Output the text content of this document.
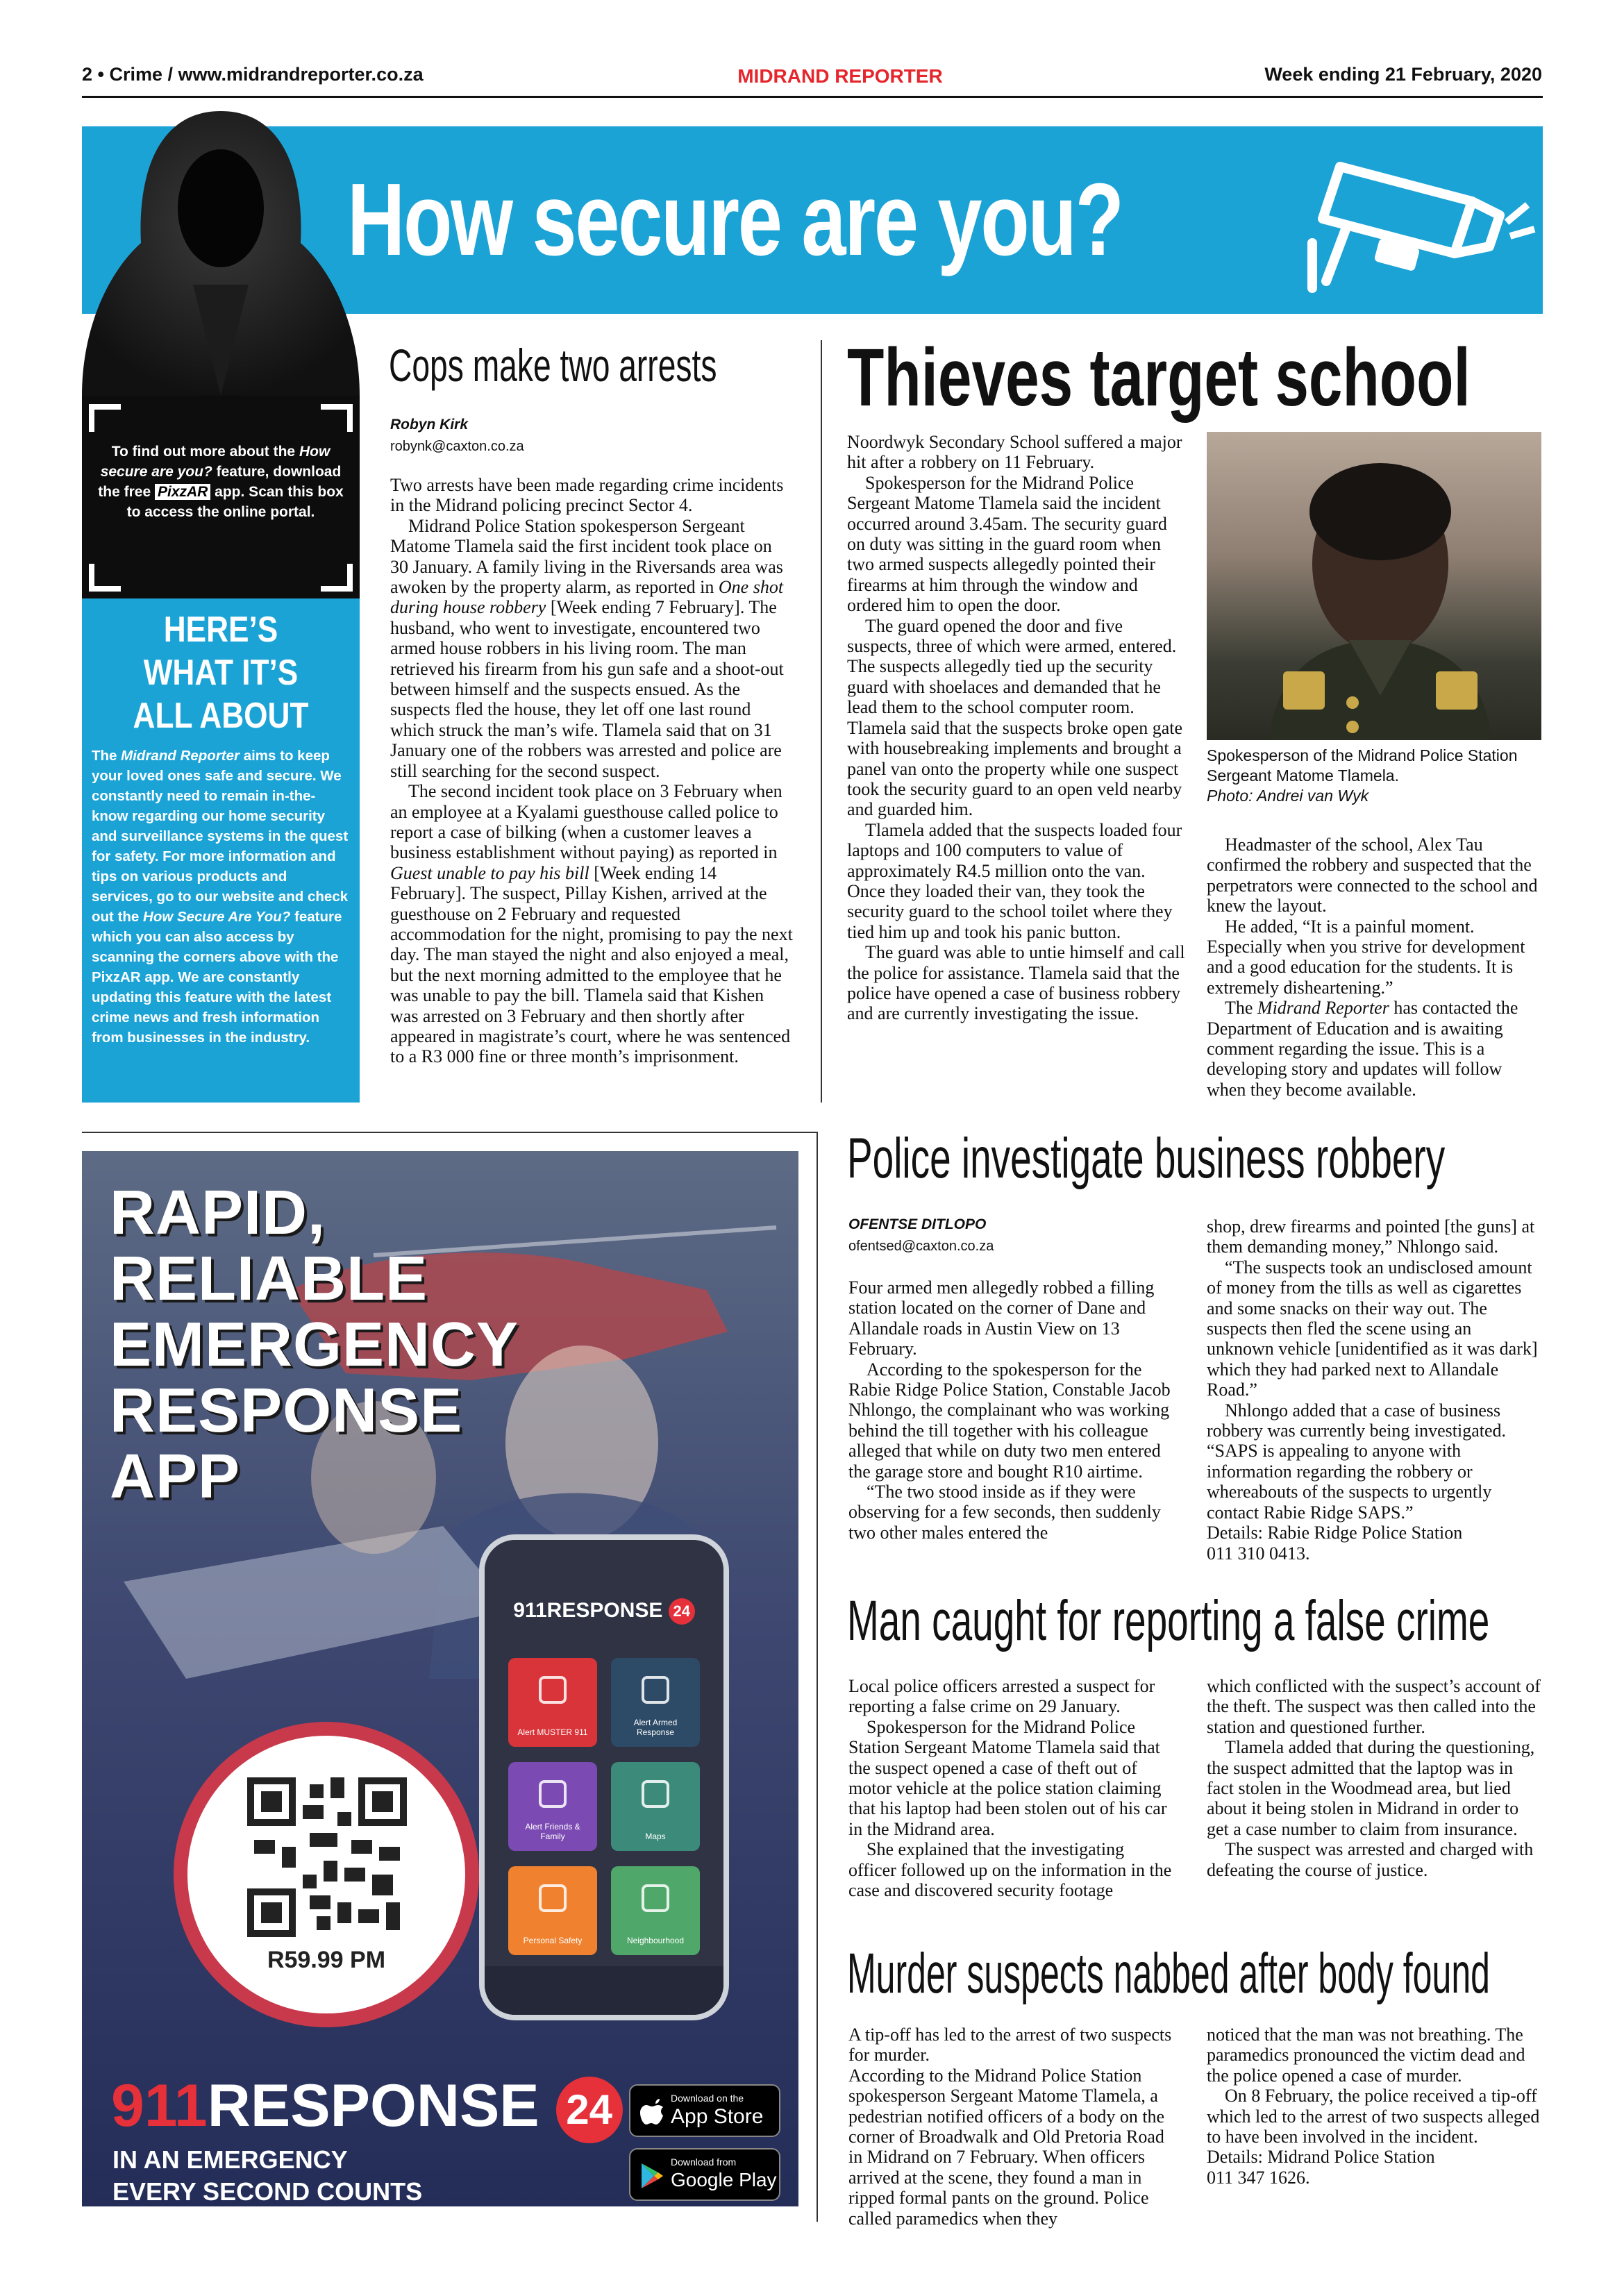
2 • Crime / www.midrandreporter.co.za	MIDRAND REPORTER	Week ending 21 February, 2020
How secure are you?
To find out more about the How secure are you? feature, download the free PixzAR app. Scan this box to access the online portal.
HERE’S
WHAT IT’S
ALL ABOUT
The Midrand Reporter aims to keep your loved ones safe and secure. We constantly need to remain in-the-know regarding our home security and surveillance systems in the quest for safety. For more information and tips on various products and services, go to our website and check out the How Secure Are You? feature which you can also access by scanning the corners above with the PixzAR app. We are constantly updating this feature with the latest crime news and fresh information from businesses in the industry.
Cops make two arrests
Robyn Kirk
robynk@caxton.co.za

Two arrests have been made regarding crime incidents in the Midrand policing precinct Sector 4.

Midrand Police Station spokesperson Sergeant Matome Tlamela said the first incident took place on 30 January. A family living in the Riversands area was awoken by the property alarm, as reported in One shot during house robbery [Week ending 7 February]. The husband, who went to investigate, encountered two armed house robbers in his living room. The man retrieved his firearm from his gun safe and a shoot-out between himself and the suspects ensued. As the suspects fled the house, they let off one last round which struck the man’s wife. Tlamela said that on 31 January one of the robbers was arrested and police are still searching for the second suspect.

The second incident took place on 3 February when an employee at a Kyalami guesthouse called police to report a case of bilking (when a customer leaves a business establishment without paying) as reported in Guest unable to pay his bill [Week ending 14 February]. The suspect, Pillay Kishen, arrived at the guesthouse on 2 February and requested accommodation for the night, promising to pay the next day. The man stayed the night and also enjoyed a meal, but the next morning admitted to the employee that he was unable to pay the bill. Tlamela said that Kishen was arrested on 3 February and then shortly after appeared in magistrate’s court, where he was sentenced to a R3 000 fine or three month’s imprisonment.

Thieves target school

Noordwyk Secondary School suffered a major hit after a robbery on 11 February.

Spokesperson for the Midrand Police Sergeant Matome Tlamela said the incident occurred around 3.45am. The security guard on duty was sitting in the guard room when two armed suspects allegedly pointed their firearms at him through the window and ordered him to open the door.

The guard opened the door and five suspects, three of which were armed, entered. The suspects allegedly tied up the security guard with shoelaces and demanded that he lead them to the school computer room. Tlamela said that the suspects broke open gate with housebreaking implements and brought a panel van onto the property while one suspect took the security guard to an open veld nearby and guarded him.

Tlamela added that the suspects loaded four laptops and 100 computers to value of approximately R4.5 million onto the van. Once they loaded their van, they took the security guard to the school toilet where they tied him up and took his panic button.

The guard was able to untie himself and call the police for assistance. Tlamela said that the police have opened a case of business robbery and are currently investigating the issue.

Spokesperson of the Midrand Police Station Sergeant Matome Tlamela.
Photo: Andrei van Wyk

Headmaster of the school, Alex Tau confirmed the robbery and suspected that the perpetrators were connected to the school and knew the layout.

He added, “It is a painful moment. Especially when you strive for development and a good education for the students. It is extremely disheartening.”

The Midrand Reporter has contacted the Department of Education and is awaiting comment regarding the issue. This is a developing story and updates will follow when they become available.

Police investigate business robbery
OFENTSE DITLOPO
ofentsed@caxton.co.za

Four armed men allegedly robbed a filling station located on the corner of Dane and Allandale roads in Austin View on 13 February.

According to the spokesperson for the Rabie Ridge Police Station, Constable Jacob Nhlongo, the complainant who was working behind the till together with his colleague alleged that while on duty two men entered the garage store and bought R10 airtime.

“The two stood inside as if they were observing for a few seconds, then suddenly two other males entered the

shop, drew firearms and pointed [the guns] at them demanding money,” Nhlongo said.

“The suspects took an undisclosed amount of money from the tills as well as cigarettes and some snacks on their way out. The suspects then fled the scene using an unknown vehicle [unidentified as it was dark] which they had parked next to Allandale Road.”

Nhlongo added that a case of business robbery was currently being investigated. “SAPS is appealing to anyone with information regarding the robbery or whereabouts of the suspects to urgently contact Rabie Ridge SAPS.”

Details: Rabie Ridge Police Station

011 310 0413.

Man caught for reporting a false crime

Local police officers arrested a suspect for reporting a false crime on 29 January.

Spokesperson for the Midrand Police Station Sergeant Matome Tlamela said that the suspect opened a case of theft out of motor vehicle at the police station claiming that his laptop had been stolen out of his car in the Midrand area.

She explained that the investigating officer followed up on the information in the case and discovered security footage

which conflicted with the suspect’s account of the theft. The suspect was then called into the station and questioned further.

Tlamela added that during the questioning, the suspect admitted that the laptop was in fact stolen in the Woodmead area, but lied about it being stolen in Midrand in order to get a case number to claim from insurance.

The suspect was arrested and charged with defeating the course of justice.

Murder suspects nabbed after body found

A tip-off has led to the arrest of two suspects for murder.

According to the Midrand Police Station spokesperson Sergeant Matome Tlamela, a pedestrian notified officers of a body on the corner of Broadwalk and Old Pretoria Road in Midrand on 7 February. When officers arrived at the scene, they found a man in ripped formal pants on the ground. Police called paramedics when they

noticed that the man was not breathing. The paramedics pronounced the victim dead and the police opened a case of murder.

On 8 February, the police received a tip-off which led to the arrest of two suspects alleged to have been involved in the incident.

Details: Midrand Police Station

011 347 1626.

RAPID,
RELIABLE
EMERGENCY
RESPONSE
APP
911RESPONSE 24
Alert MUSTER 911
Alert Armed Response
Alert Friends & Family	Maps
Personal Safety	Neighbourhood
R59.99 PM
911RESPONSE 24
IN AN EMERGENCY
EVERY SECOND COUNTS
Download on the
App Store
Download from
Google Play
